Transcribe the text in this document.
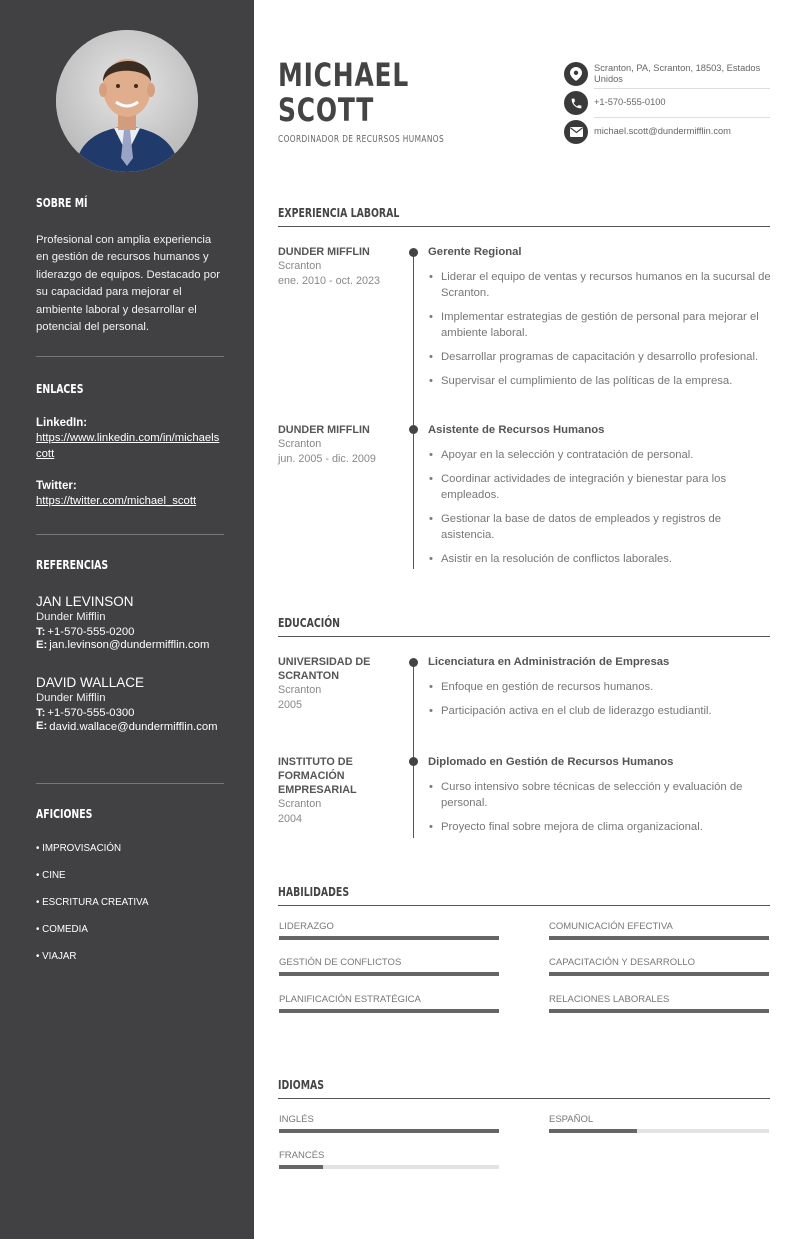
SOBRE MÍ
Profesional con amplia experiencia en gestión de recursos humanos y liderazgo de equipos. Destacado por su capacidad para mejorar el ambiente laboral y desarrollar el potencial del personal.
ENLACES
LinkedIn:
https://www.linkedin.com/in/michaelscott
Twitter:
https://twitter.com/michael_scott
REFERENCIAS
JAN LEVINSON
Dunder Mifflin
T: +1-570-555-0200
E: jan.levinson@dundermifflin.com
DAVID WALLACE
Dunder Mifflin
T: +1-570-555-0300
E: david.wallace@dundermifflin.com
AFICIONES
• IMPROVISACIÓN
• CINE
• ESCRITURA CREATIVA
• COMEDIA
• VIAJAR
MICHAEL
SCOTT
COORDINADOR DE RECURSOS HUMANOS
Scranton, PA, Scranton, 18503, Estados Unidos
+1-570-555-0100
michael.scott@dundermifflin.com
EXPERIENCIA LABORAL
DUNDER MIFFLIN
Scranton
ene. 2010 - oct. 2023
Gerente Regional
• Liderar el equipo de ventas y recursos humanos en la sucursal de Scranton.
• Implementar estrategias de gestión de personal para mejorar el ambiente laboral.
• Desarrollar programas de capacitación y desarrollo profesional.
• Supervisar el cumplimiento de las políticas de la empresa.
DUNDER MIFFLIN
Scranton
jun. 2005 - dic. 2009
Asistente de Recursos Humanos
• Apoyar en la selección y contratación de personal.
• Coordinar actividades de integración y bienestar para los empleados.
• Gestionar la base de datos de empleados y registros de asistencia.
• Asistir en la resolución de conflictos laborales.
EDUCACIÓN
UNIVERSIDAD DE SCRANTON
Scranton
2005
Licenciatura en Administración de Empresas
• Enfoque en gestión de recursos humanos.
• Participación activa en el club de liderazgo estudiantil.
INSTITUTO DE FORMACIÓN EMPRESARIAL
Scranton
2004
Diplomado en Gestión de Recursos Humanos
• Curso intensivo sobre técnicas de selección y evaluación de personal.
• Proyecto final sobre mejora de clima organizacional.
HABILIDADES
LIDERAZGO	COMUNICACIÓN EFECTIVA
GESTIÓN DE CONFLICTOS	CAPACITACIÓN Y DESARROLLO
PLANIFICACIÓN ESTRATÉGICA	RELACIONES LABORALES
IDIOMAS
INGLÉS	ESPAÑOL
FRANCÉS
